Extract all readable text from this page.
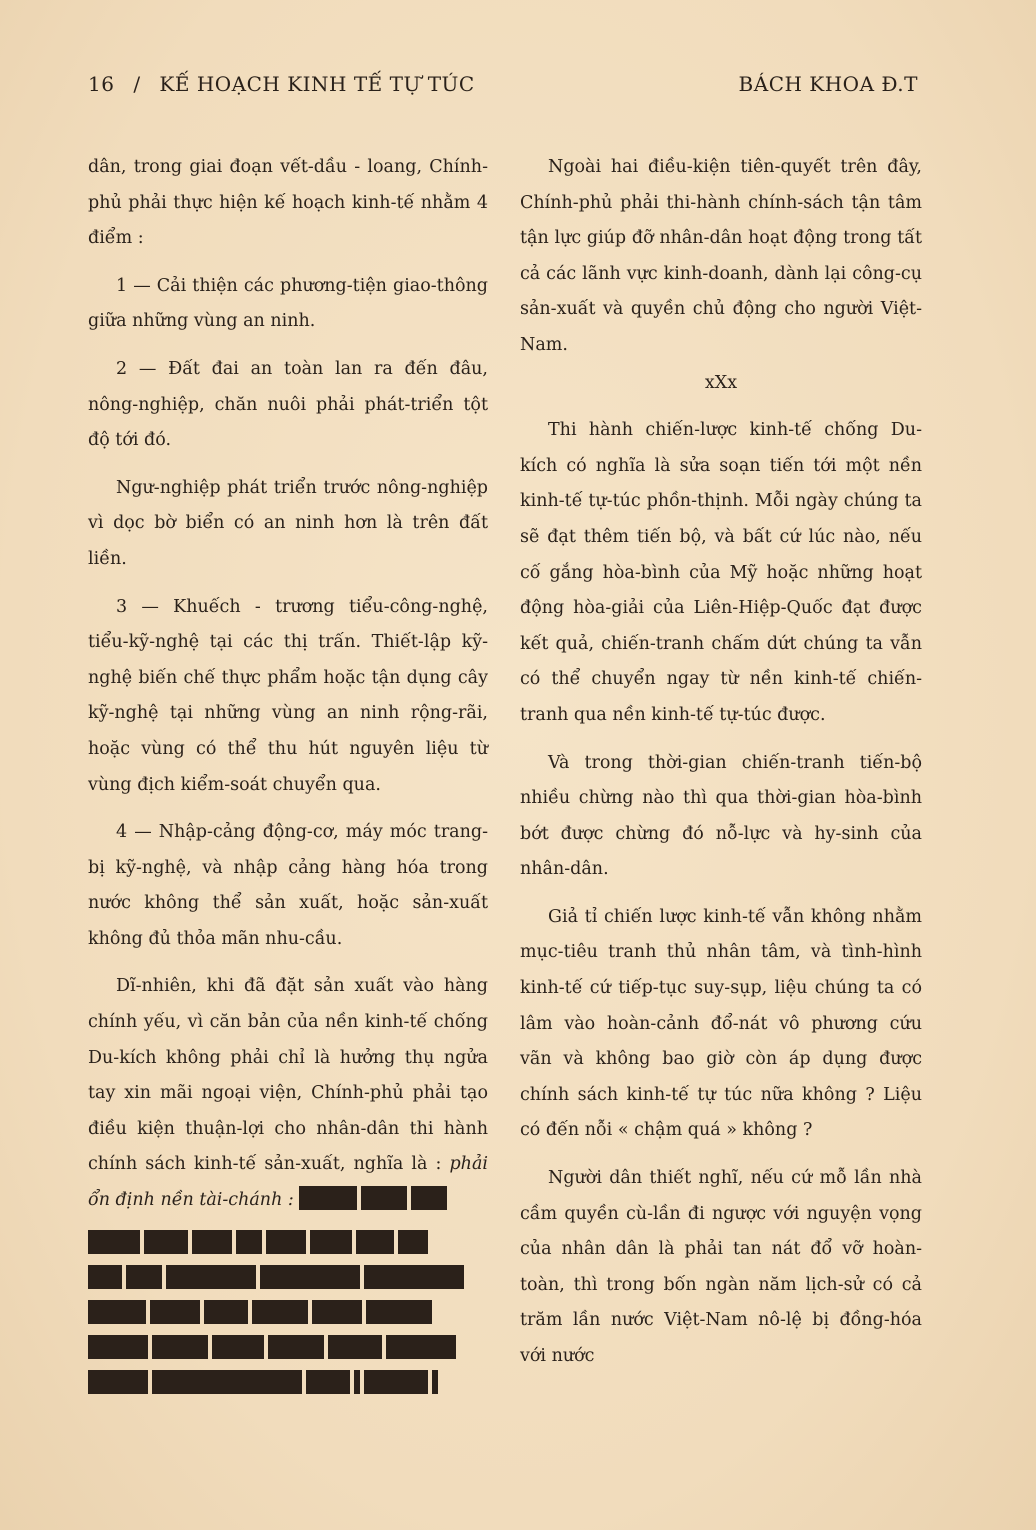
16 / KẾ HOẠCH KINH TẾ TỰ TÚC	BÁCH KHOA Đ.T

dân, trong giai đoạn vết-dầu - loang, Chính-phủ phải thực hiện kế hoạch kinh-tế nhằm 4 điểm :

1 — Cải thiện các phương-tiện giao-thông giữa những vùng an ninh.

2 — Đất đai an toàn lan ra đến đâu, nông-nghiệp, chăn nuôi phải phát-triển tột độ tới đó.

Ngư-nghiệp phát triển trước nông-nghiệp vì dọc bờ biển có an ninh hơn là trên đất liền.

3 — Khuếch - trương tiểu-công-nghệ, tiểu-kỹ-nghệ tại các thị trấn. Thiết-lập kỹ-nghệ biến chế thực phẩm hoặc tận dụng cây kỹ-nghệ tại những vùng an ninh rộng-rãi, hoặc vùng có thể thu hút nguyên liệu từ vùng địch kiểm-soát chuyển qua.

4 — Nhập-cảng động-cơ, máy móc trang-bị kỹ-nghệ, và nhập cảng hàng hóa trong nước không thể sản xuất, hoặc sản-xuất không đủ thỏa mãn nhu-cầu.

Dĩ-nhiên, khi đã đặt sản xuất vào hàng chính yếu, vì căn bản của nền kinh-tế chống Du-kích không phải chỉ là hưởng thụ ngửa tay xin mãi ngoại viện, Chính-phủ phải tạo điều kiện thuận-lợi cho nhân-dân thi hành chính sách kinh-tế sản-xuất, nghĩa là : phải ổn định nền tài-chánh :

Ngoài hai điều-kiện tiên-quyết trên đây, Chính-phủ phải thi-hành chính-sách tận tâm tận lực giúp đỡ nhân-dân hoạt động trong tất cả các lãnh vực kinh-doanh, dành lại công-cụ sản-xuất và quyền chủ động cho người Việt-Nam.

xXx

Thi hành chiến-lược kinh-tế chống Du-kích có nghĩa là sửa soạn tiến tới một nền kinh-tế tự-túc phồn-thịnh. Mỗi ngày chúng ta sẽ đạt thêm tiến bộ, và bất cứ lúc nào, nếu cố gắng hòa-bình của Mỹ hoặc những hoạt động hòa-giải của Liên-Hiệp-Quốc đạt được kết quả, chiến-tranh chấm dứt chúng ta vẫn có thể chuyển ngay từ nền kinh-tế chiến-tranh qua nền kinh-tế tự-túc được.

Và trong thời-gian chiến-tranh tiến-bộ nhiều chừng nào thì qua thời-gian hòa-bình bớt được chừng đó nỗ-lực và hy-sinh của nhân-dân.

Giả tỉ chiến lược kinh-tế vẫn không nhằm mục-tiêu tranh thủ nhân tâm, và tình-hình kinh-tế cứ tiếp-tục suy-sụp, liệu chúng ta có lâm vào hoàn-cảnh đổ-nát vô phương cứu vãn và không bao giờ còn áp dụng được chính sách kinh-tế tự túc nữa không ? Liệu có đến nỗi « chậm quá » không ?

Người dân thiết nghĩ, nếu cứ mỗ lần nhà cầm quyền cù-lần đi ngược với nguyện vọng của nhân dân là phải tan nát đổ vỡ hoàn-toàn, thì trong bốn ngàn năm lịch-sử có cả trăm lần nước Việt-Nam nô-lệ bị đồng-hóa với nước
